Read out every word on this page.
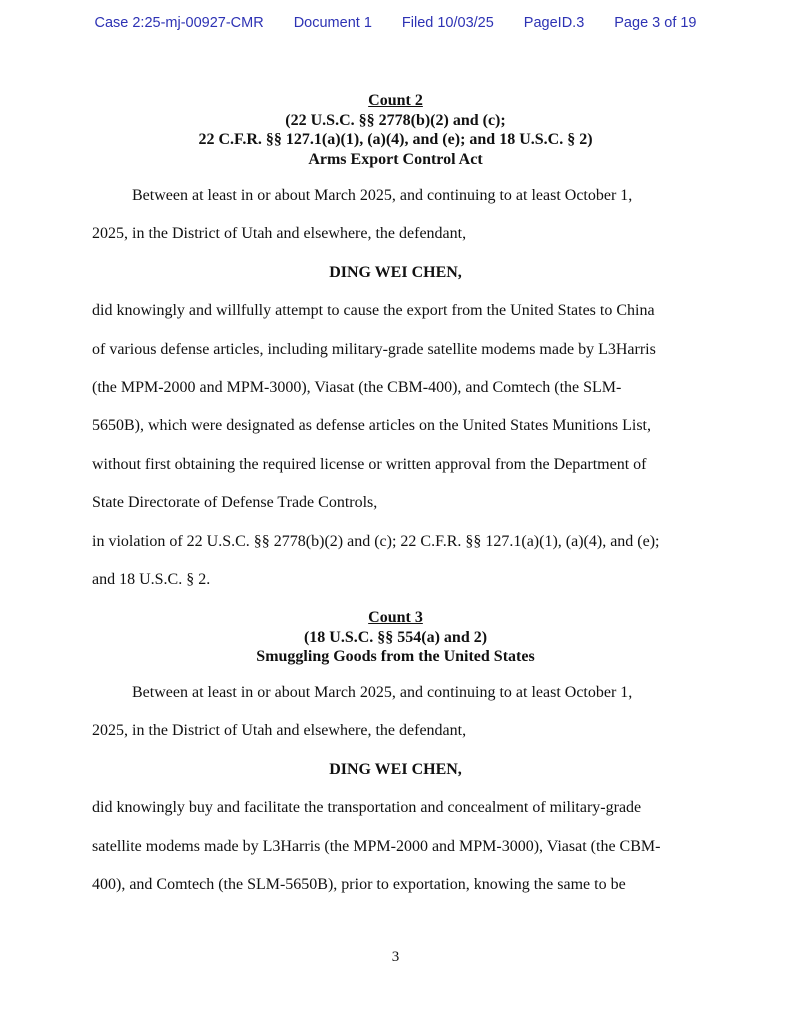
Case 2:25-mj-00927-CMR Document 1 Filed 10/03/25 PageID.3 Page 3 of 19
Count 2
(22 U.S.C. §§ 2778(b)(2) and (c);
22 C.F.R. §§ 127.1(a)(1), (a)(4), and (e); and 18 U.S.C. § 2)
Arms Export Control Act
Between at least in or about March 2025, and continuing to at least October 1,
2025, in the District of Utah and elsewhere, the defendant,
DING WEI CHEN,
did knowingly and willfully attempt to cause the export from the United States to China
of various defense articles, including military-grade satellite modems made by L3Harris
(the MPM-2000 and MPM-3000), Viasat (the CBM-400), and Comtech (the SLM-
5650B), which were designated as defense articles on the United States Munitions List,
without first obtaining the required license or written approval from the Department of
State Directorate of Defense Trade Controls,
in violation of 22 U.S.C. §§ 2778(b)(2) and (c); 22 C.F.R. §§ 127.1(a)(1), (a)(4), and (e);
and 18 U.S.C. § 2.
Count 3
(18 U.S.C. §§ 554(a) and 2)
Smuggling Goods from the United States
Between at least in or about March 2025, and continuing to at least October 1,
2025, in the District of Utah and elsewhere, the defendant,
DING WEI CHEN,
did knowingly buy and facilitate the transportation and concealment of military-grade
satellite modems made by L3Harris (the MPM-2000 and MPM-3000), Viasat (the CBM-
400), and Comtech (the SLM-5650B), prior to exportation, knowing the same to be
3
